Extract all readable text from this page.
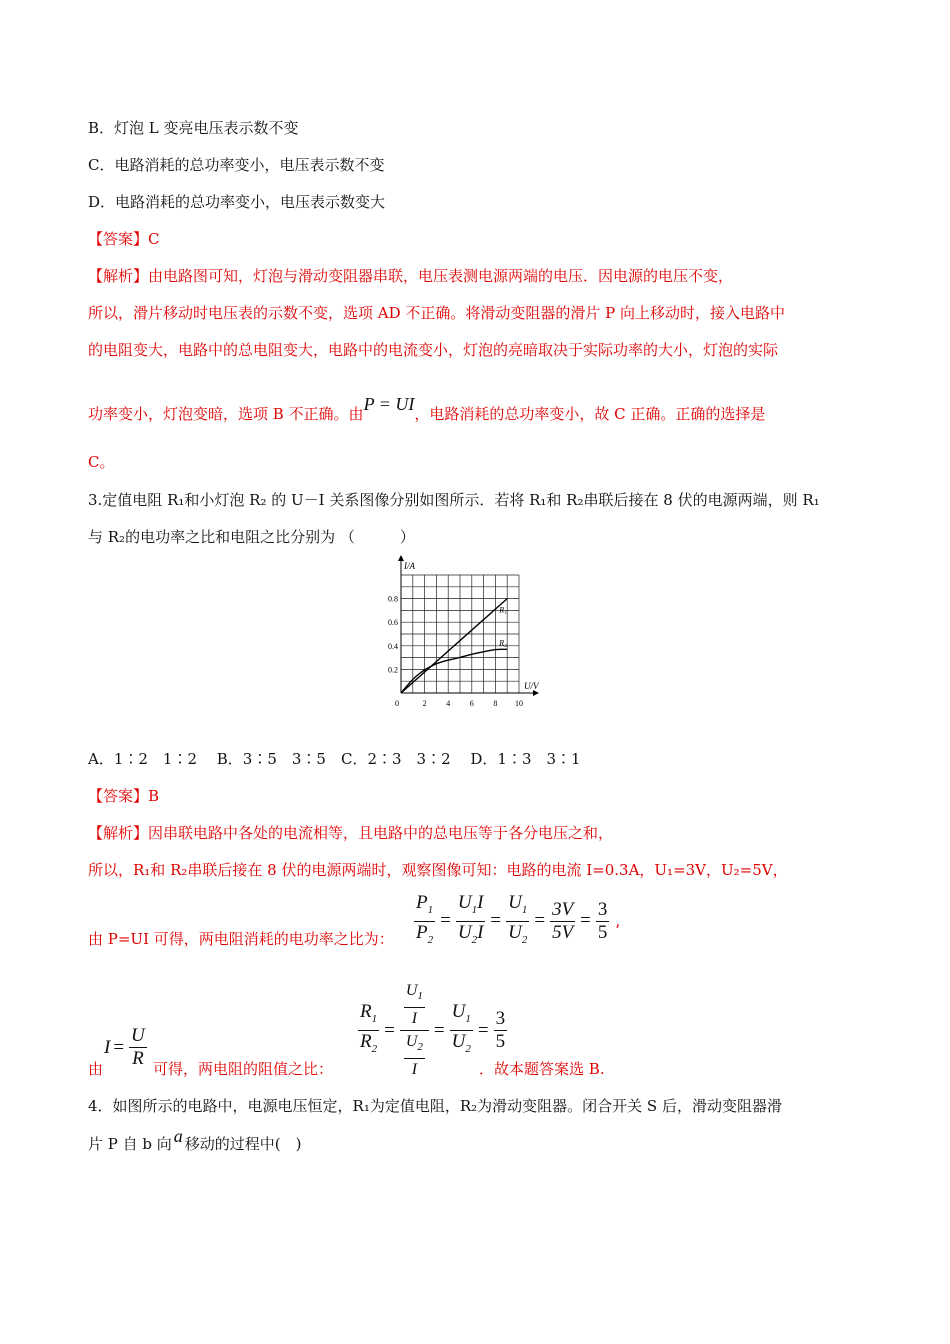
B．灯泡 L 变亮电压表示数不变
C．电路消耗的总功率变小，电压表示数不变
D．电路消耗的总功率变小，电压表示数变大
【答案】C
【解析】由电路图可知，灯泡与滑动变阻器串联，电压表测电源两端的电压．因电源的电压不变，
所以，滑片移动时电压表的示数不变，选项 AD 不正确。将滑动变阻器的滑片 P 向上移动时，接入电路中
的电阻变大，电路中的总电阻变大，电路中的电流变小，灯泡的亮暗取决于实际功率的大小，灯泡的实际
功率变小，灯泡变暗，选项 B 不正确。由P = UI，电路消耗的总功率变小，故 C 正确。正确的选择是
C。
3.定值电阻 R₁和小灯泡 R₂ 的 U－I 关系图像分别如图所示．若将 R₁和 R₂串联后接在 8 伏的电源两端，则 R₁
与 R₂的电功率之比和电阻之比分别为 （　　　）
0	2 4 6 8 10
0.2
0.4
0.6
0.8
U/V
I/A
R₁
R₂
A．1∶2　1∶2　 B．3∶5　3∶5　C．2∶3　3∶2　 D．1∶3　3∶1
【答案】B
【解析】因串联电路中各处的电流相等，且电路中的总电压等于各分电压之和，
所以，R₁和 R₂串联后接在 8 伏的电源两端时，观察图像可知：电路的电流 I=0.3A，U₁=3V，U₂=5V，
由 P=UI 可得，两电阻消耗的电功率之比为： $\frac{P_1}{P_2} = \frac{U_1I}{U_2I} = \frac{U_1}{U_2} = \frac{3V}{5V} = \frac{3}{5}$ ,
$I = \frac{U}{R}$	$\frac{R_1}{R_2} = \frac{\frac{U_1}{I}}{\frac{U_2}{I}} = \frac{U_1}{U_2} = \frac{3}{5}$
由	可得，两电阻的阻值之比：	．故本题答案选 B.
4．如图所示的电路中，电源电压恒定，R₁为定值电阻，R₂为滑动变阻器。闭合开关 S 后，滑动变阻器滑
片 P 自 b 向 a 移动的过程中(　)
